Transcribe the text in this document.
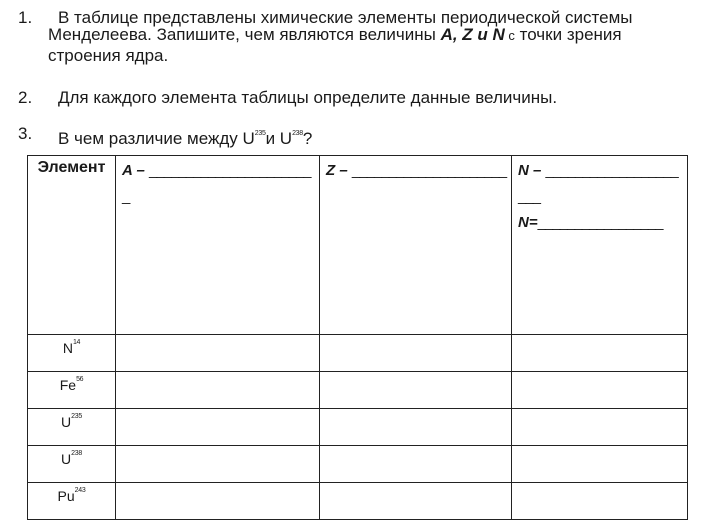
1. В таблице представлены химические элементы периодической системы
Менделеева. Запишите, чем являются величины A, Z и N с точки зрения
строения ядра.
2. Для каждого элемента таблицы определите данные величины.
3. В чем различие между $U^{235}и$ $U^{238}$?
Элемент	A – _______________________	Z – _____________________	N – _____________________
N=_________________
$N^{14}$			
Fe$^{56}$			
$U^{235}$			
$U^{238}$			
Pu$^{243}$			
